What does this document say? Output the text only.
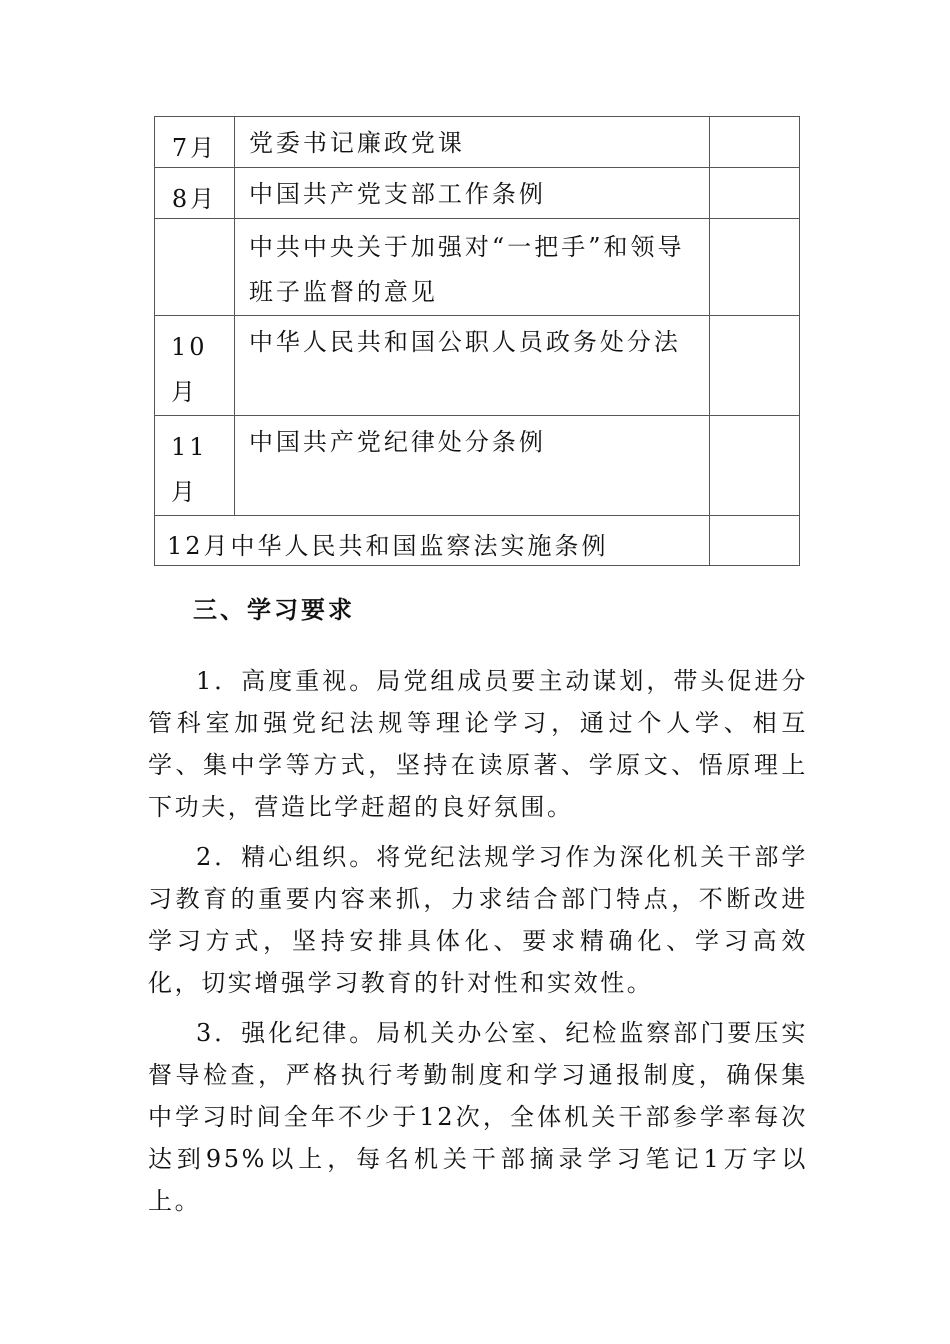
7月	党委书记廉政党课	
8月	中国共产党支部工作条例	
	中共中央关于加强对“一把手”和领导班子监督的意见	
10月	中华人民共和国公职人员政务处分法	
11月	中国共产党纪律处分条例	
12月中华人民共和国监察法实施条例		
三、学习要求

1．高度重视。局党组成员要主动谋划，带头促进分管科室加强党纪法规等理论学习，通过个人学、相互学、集中学等方式，坚持在读原著、学原文、悟原理上下功夫，营造比学赶超的良好氛围。

2．精心组织。将党纪法规学习作为深化机关干部学习教育的重要内容来抓，力求结合部门特点，不断改进学习方式，坚持安排具体化、要求精确化、学习高效化，切实增强学习教育的针对性和实效性。

3．强化纪律。局机关办公室、纪检监察部门要压实督导检查，严格执行考勤制度和学习通报制度，确保集中学习时间全年不少于12次，全体机关干部参学率每次达到95%以上，每名机关干部摘录学习笔记1万字以上。
